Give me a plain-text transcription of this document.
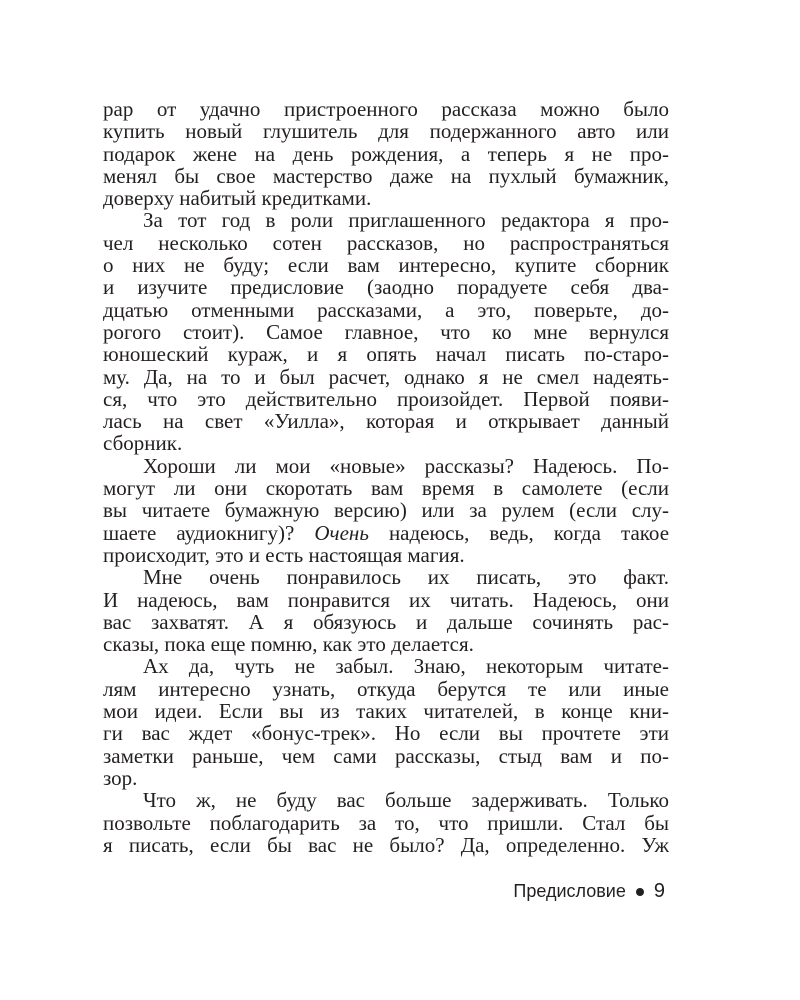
рар от удачно пристроенного рассказа можно было
купить новый глушитель для подержанного авто или
подарок жене на день рождения, а теперь я не про-
менял бы свое мастерство даже на пухлый бумажник,
доверху набитый кредитками.
За тот год в роли приглашенного редактора я про-
чел несколько сотен рассказов, но распространяться
о них не буду; если вам интересно, купите сборник
и изучите предисловие (заодно порадуете себя два-
дцатью отменными рассказами, а это, поверьте, до-
рогого стоит). Самое главное, что ко мне вернулся
юношеский кураж, и я опять начал писать по-старо-
му. Да, на то и был расчет, однако я не смел надеять-
ся, что это действительно произойдет. Первой появи-
лась на свет «Уилла», которая и открывает данный
сборник.
Хороши ли мои «новые» рассказы? Надеюсь. По-
могут ли они скоротать вам время в самолете (если
вы читаете бумажную версию) или за рулем (если слу-
шаете аудиокнигу)? Очень надеюсь, ведь, когда такое
происходит, это и есть настоящая магия.
Мне очень понравилось их писать, это факт.
И надеюсь, вам понравится их читать. Надеюсь, они
вас захватят. А я обязуюсь и дальше сочинять рас-
сказы, пока еще помню, как это делается.
Ах да, чуть не забыл. Знаю, некоторым читате-
лям интересно узнать, откуда берутся те или иные
мои идеи. Если вы из таких читателей, в конце кни-
ги вас ждет «бонус-трек». Но если вы прочтете эти
заметки раньше, чем сами рассказы, стыд вам и по-
зор.
Что ж, не буду вас больше задерживать. Только
позвольте поблагодарить за то, что пришли. Стал бы
я писать, если бы вас не было? Да, определенно. Уж
Предисловие 9
